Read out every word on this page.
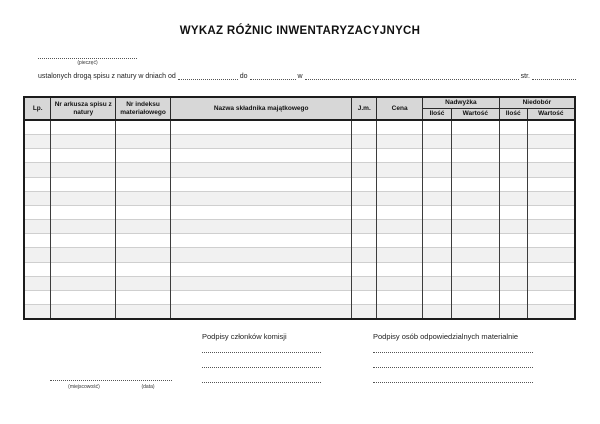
WYKAZ RÓŻNIC INWENTARYZACYJNYCH
(pieczęć)
ustalonych drogą spisu z natury w dniach od	do	w	str.
Lp.	Nr arkusza spisu z natury	Nr indeksu materiałowego	Nazwa składnika majątkowego	J.m.	Cena	Nadwyżka		Niedobór	
						Ilość	Wartość	Ilość	Wartość

Podpisy członków komisji	Podpisy osób odpowiedzialnych materialnie
(miejscowość)	(data)
